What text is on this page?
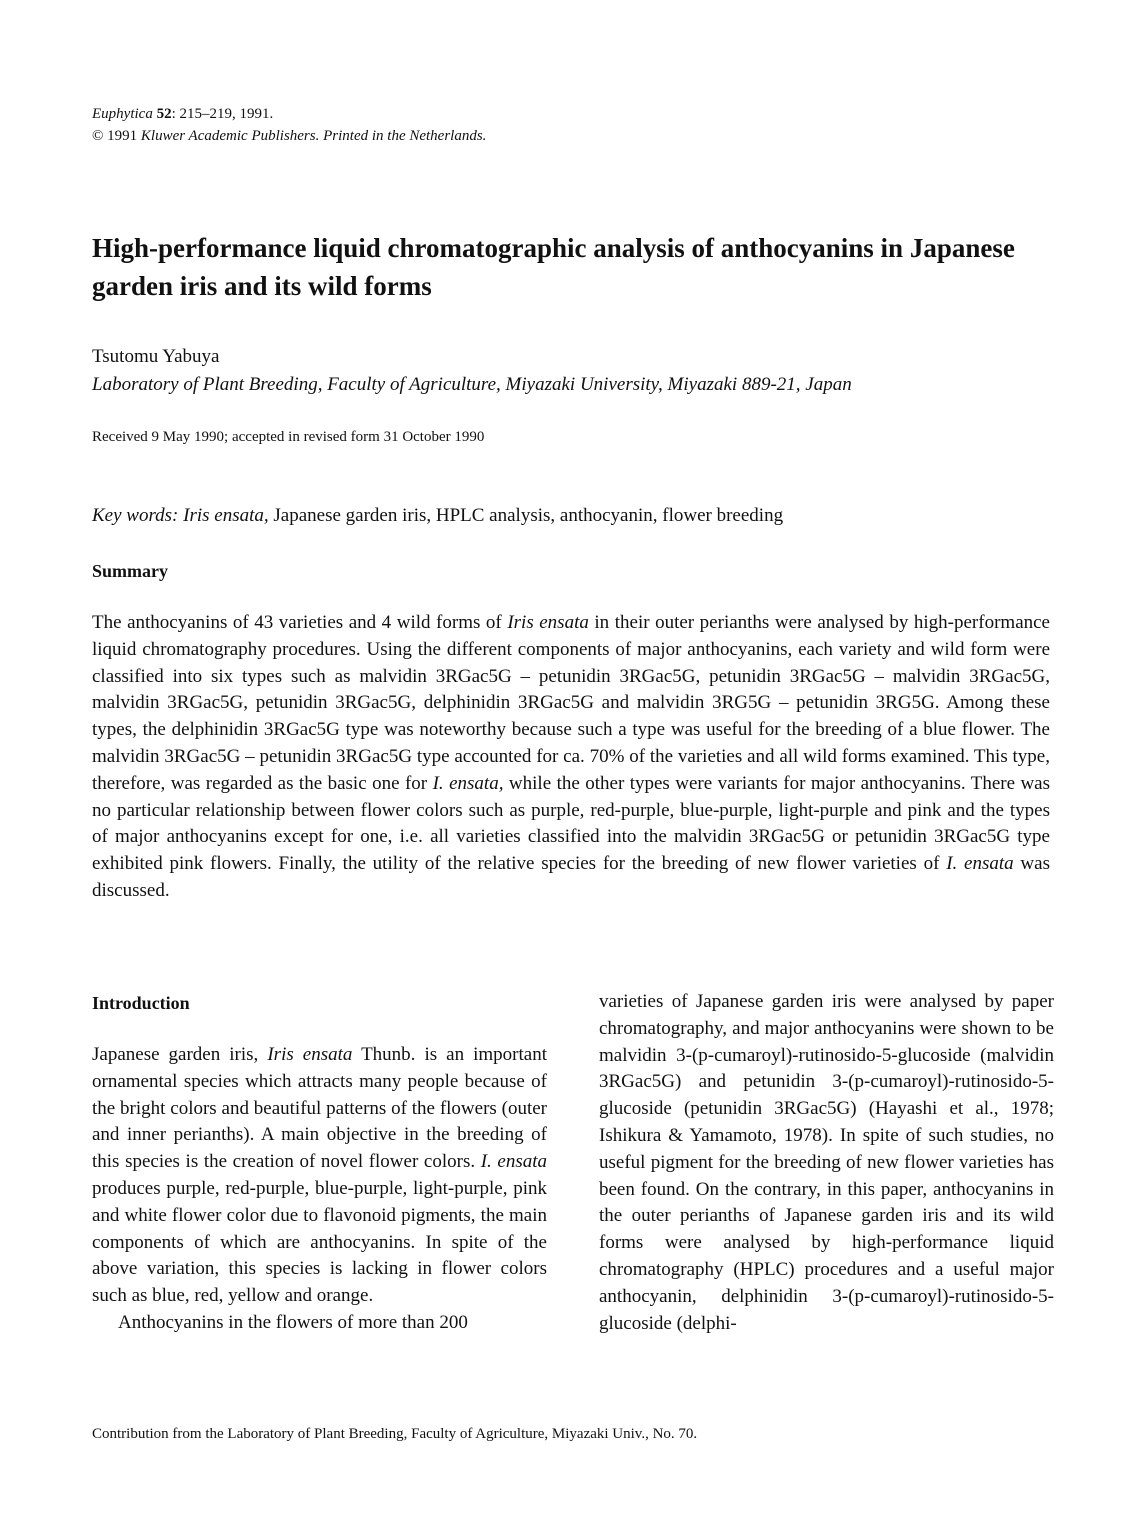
Euphytica 52: 215–219, 1991.
© 1991 Kluwer Academic Publishers. Printed in the Netherlands.
High-performance liquid chromatographic analysis of anthocyanins in Japanese garden iris and its wild forms
Tsutomu Yabuya
Laboratory of Plant Breeding, Faculty of Agriculture, Miyazaki University, Miyazaki 889-21, Japan
Received 9 May 1990; accepted in revised form 31 October 1990
Key words: Iris ensata, Japanese garden iris, HPLC analysis, anthocyanin, flower breeding
Summary

The anthocyanins of 43 varieties and 4 wild forms of Iris ensata in their outer perianths were analysed by high-performance liquid chromatography procedures. Using the different components of major anthocyanins, each variety and wild form were classified into six types such as malvidin 3RGac5G – petunidin 3RGac5G, petunidin 3RGac5G – malvidin 3RGac5G, malvidin 3RGac5G, petunidin 3RGac5G, delphinidin 3RGac5G and malvidin 3RG5G – petunidin 3RG5G. Among these types, the delphinidin 3RGac5G type was noteworthy because such a type was useful for the breeding of a blue flower. The malvidin 3RGac5G – petunidin 3RGac5G type accounted for ca. 70% of the varieties and all wild forms examined. This type, therefore, was regarded as the basic one for I. ensata, while the other types were variants for major anthocyanins. There was no particular relationship between flower colors such as purple, red-purple, blue-purple, light-purple and pink and the types of major anthocyanins except for one, i.e. all varieties classified into the malvidin 3RGac5G or petunidin 3RGac5G type exhibited pink flowers. Finally, the utility of the relative species for the breeding of new flower varieties of I. ensata was discussed.

Introduction

Japanese garden iris, Iris ensata Thunb. is an important ornamental species which attracts many people because of the bright colors and beautiful patterns of the flowers (outer and inner perianths). A main objective in the breeding of this species is the creation of novel flower colors. I. ensata produces purple, red-purple, blue-purple, light-purple, pink and white flower color due to flavonoid pigments, the main components of which are anthocyanins. In spite of the above variation, this species is lacking in flower colors such as blue, red, yellow and orange.
Anthocyanins in the flowers of more than 200

varieties of Japanese garden iris were analysed by paper chromatography, and major anthocyanins were shown to be malvidin 3-(p-cumaroyl)-rutinosido-5-glucoside (malvidin 3RGac5G) and petunidin 3-(p-cumaroyl)-rutinosido-5-glucoside (petunidin 3RGac5G) (Hayashi et al., 1978; Ishikura & Yamamoto, 1978). In spite of such studies, no useful pigment for the breeding of new flower varieties has been found. On the contrary, in this paper, anthocyanins in the outer perianths of Japanese garden iris and its wild forms were analysed by high-performance liquid chromatography (HPLC) procedures and a useful major anthocyanin, delphinidin 3-(p-cumaroyl)-rutinosido-5-glucoside (delphi-

Contribution from the Laboratory of Plant Breeding, Faculty of Agriculture, Miyazaki Univ., No. 70.
